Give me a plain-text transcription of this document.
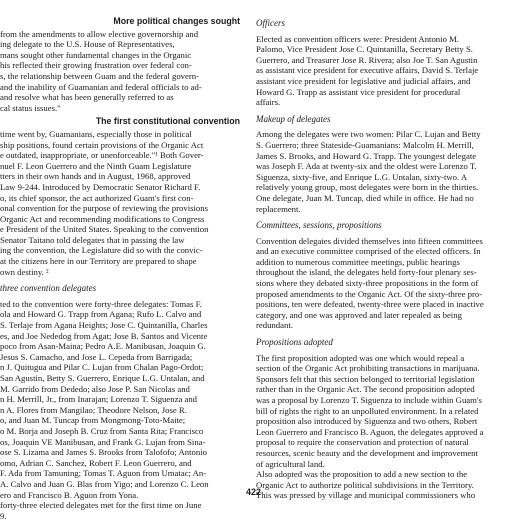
More political changes sought
from the amendments to allow elective governorship and
ing delegate to the U.S. House of Representatives,
mans sought other fundamental changes in the Organic
his reflected their growing frustration over federal con-
s, the relationship between Guam and the federal govern-
and the inability of Guamanian and federal officials to ad-
and resolve what has been generally referred to as
cal status issues."
The first constitutional convention
time went by, Guamanians, especially those in political
ship positions, found certain provisions of the Organic Act
e outdated, inappropriate, or unenforceable."¹ Both Gover-
nuel F. Leon Guerrero and the Ninth Guam Legislature
tters in their own hands and in August, 1968, approved
Law 9-244. Introduced by Democratic Senator Richard F.
o, its chief sponsor, the act authorized Guam's first con-
onal convention for the purpose of reviewing the provisions
Organic Act and recommending modifications to Congress
e President of the United States. Speaking to the convention
Senator Taitano told delegates that in passing the law
ing the convention, the Legislature did so with the convic-
at the citizens here in our Territory are prepared to shape
own destiny. ²
three convention delegates
ted to the convention were forty-three delegates: Tomas F.
ola and Howard G. Trapp from Agana; Rufo L. Calvo and
S. Terlaje from Agana Heights; Jose C. Quintanilla, Charles
es, and Joe Nededog from Agat; Jose B. Santos and Vicente
poco from Asan-Maina; Pedro A.E. Manibusan, Joaquin G.
Jesus S. Camacho, and Jose L. Cepeda from Barrigada;
n J. Quitugua and Pilar C. Lujan from Chalan Pago-Ordot;
San Agustin, Betty S. Guerrero, Enrique L.G. Untalan, and
M. Garrido from Dededo; also Jose P. San Nicolas and
n H. Merrill, Jr., from Inarajan; Lorenzo T. Siguenza and
n A. Flores from Mangilao; Theodore Nelson, Jose R.
o, and Juan M. Tuncap from Mongmong-Toto-Maite;
o M. Borja and Joseph B. Cruz from Santa Rita; Francisco
os, Joaquin VE Manibusan, and Frank G. Lujan from Sina-
ose S. Lizama and James S. Brooks from Talofofo; Antonio
omo, Adrian C. Sanchez, Robert F. Leon Guerrero, and
F. Ada from Tamuning; Tomas T. Aguon from Umatac; An-
A. Calvo and Juan G. Blas from Yigo; and Lorenzo C. Leon
ero and Francisco B. Aguon from Yona.
forty-three elected delegates met for the first time on June
9.
Officers
Elected as convention officers were: President Antonio M.
Palomo, Vice President Jose C. Quintanilla, Secretary Betty S.
Guerrero, and Treasurer Jose R. Rivera; also Joe T. San Agustin
as assistant vice president for executive affairs, David S. Terlaje
assistant vice president for legislative and judicial affairs, and
Howard G. Trapp as assistant vice president for procedural
affairs.
Makeup of delegates
Among the delegates were two women: Pilar C. Lujan and Betty
S. Guerrero; three Stateside-Guamanians: Malcolm H. Merrill,
James S. Brooks, and Howard G. Trapp. The youngest delegate
was Joseph F. Ada at twenty-six and the oldest were Lorenzo T.
Siguenza, sixty-five, and Enrique L.G. Untalan, sixty-two. A
relatively young group, most delegates were born in the thirties.
One delegate, Juan M. Tuncap, died while in office. He had no
replacement.
Committees, sessions, propositions
Convention delegates divided themselves into fifteen committees
and an executive committee comprised of the elected officers. In
addition to numerous committee meetings, public hearings
throughout the island, the delegates held forty-four plenary ses-
sions where they debated sixty-three propositions in the form of
proposed amendments to the Organic Act. Of the sixty-three pro-
positions, ten were defeated, twenty-three were placed in inactive
category, and one was approved and later repealed as being
redundant.
Propositions adopted
The first proposition adopted was one which would repeal a
section of the Organic Act prohibiting transactions in marijuana.
Sponsors felt that this section belonged to territorial legislation
rather than in the Organic Act. The second proposition adopted
was a proposal by Lorenzo T. Siguenza to include within Guam's
bill of rights the right to an unpolluted environment. In a related
proposition also introduced by Siguenza and two others, Robert
Leon Guerrero and Francisco B. Aguon, the delegates approved a
proposal to require the conservation and protection of natural
resources, scenic beauty and the development and improvement
of agricultural land.
Also adopted was the proposition to add a new section to the
Organic Act to authorize political subdivisions in the Territory.
This was pressed by village and municipal commissioners who
422
